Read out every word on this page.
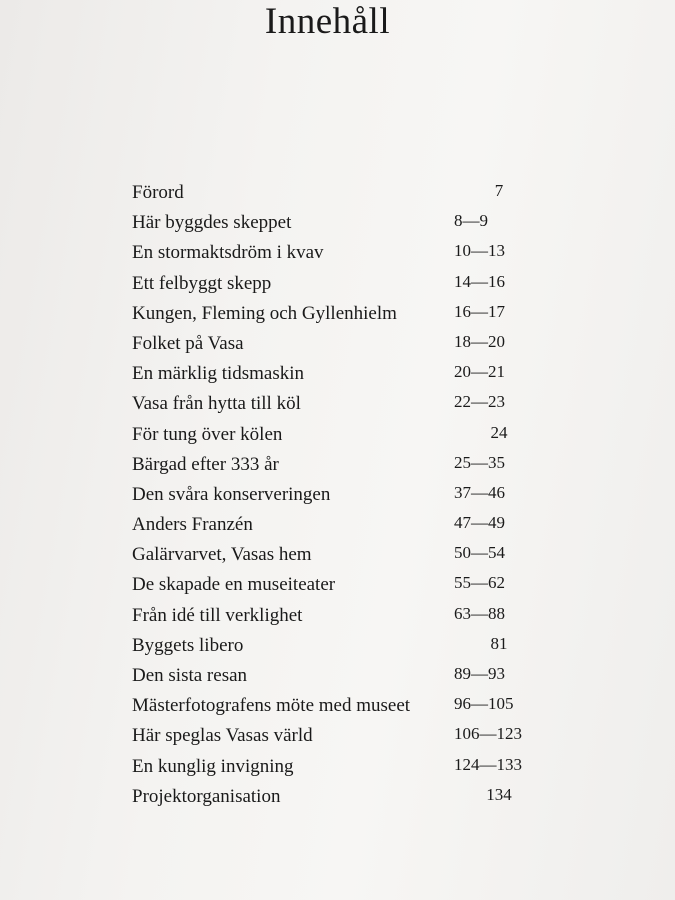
Innehåll
Förord	7
Här byggdes skeppet	8—9
En stormaktsdröm i kvav	10—13
Ett felbyggt skepp	14—16
Kungen, Fleming och Gyllenhielm	16—17
Folket på Vasa	18—20
En märklig tidsmaskin	20—21
Vasa från hytta till köl	22—23
För tung över kölen	24
Bärgad efter 333 år	25—35
Den svåra konserveringen	37—46
Anders Franzén	47—49
Galärvarvet, Vasas hem	50—54
De skapade en museiteater	55—62
Från idé till verklighet	63—88
Byggets libero	81
Den sista resan	89—93
Mästerfotografens möte med museet	96—105
Här speglas Vasas värld	106—123
En kunglig invigning	124—133
Projektorganisation	134
